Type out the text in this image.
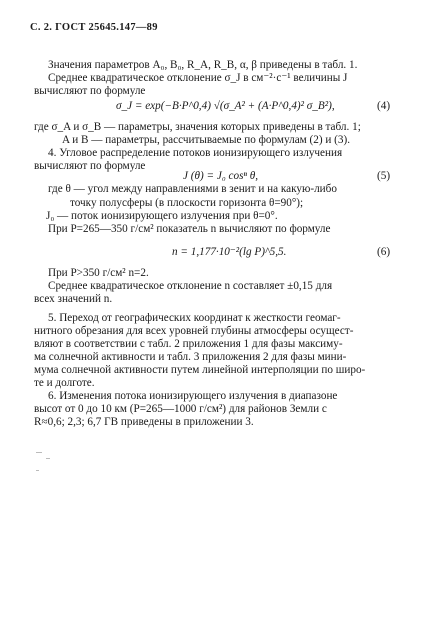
С. 2. ГОСТ 25645.147—89
Значения параметров A₀, B₀, R_A, R_B, α, β приведены в табл. 1.
Среднее квадратическое отклонение σ_J в см⁻²·с⁻¹ величины J
вычисляют по формуле
σ_J = exp(−B·P^0,4) √(σ_A² + (A·P^0,4)² σ_B²),	(4)
где σ_A и σ_B — параметры, значения которых приведены в табл. 1;
A и B — параметры, рассчитываемые по формулам (2) и (3).
4. Угловое распределение потоков ионизирующего излучения
вычисляют по формуле
J (θ) = J₀ cosⁿ θ,	(5)
где θ — угол между направлениями в зенит и на какую-либо
точку полусферы (в плоскости горизонта θ=90°);
J₀ — поток ионизирующего излучения при θ=0°.
При P=265—350 г/см² показатель n вычисляют по формуле
n = 1,177·10⁻²(lg P)^5,5.	(6)
При P>350 г/см² n=2.
Среднее квадратическое отклонение n составляет ±0,15 для
всех значений n.
5. Переход от географических координат к жесткости геомаг-
нитного обрезания для всех уровней глубины атмосферы осущест-
вляют в соответствии с табл. 2 приложения 1 для фазы максиму-
ма солнечной активности и табл. 3 приложения 2 для фазы мини-
мума солнечной активности путем линейной интерполяции по широ-
те и долготе.
6. Изменения потока ионизирующего излучения в диапазоне
высот от 0 до 10 км (P=265—1000 г/см²) для районов Земли с
R≈0,6; 2,3; 6,7 ГВ приведены в приложении 3.
